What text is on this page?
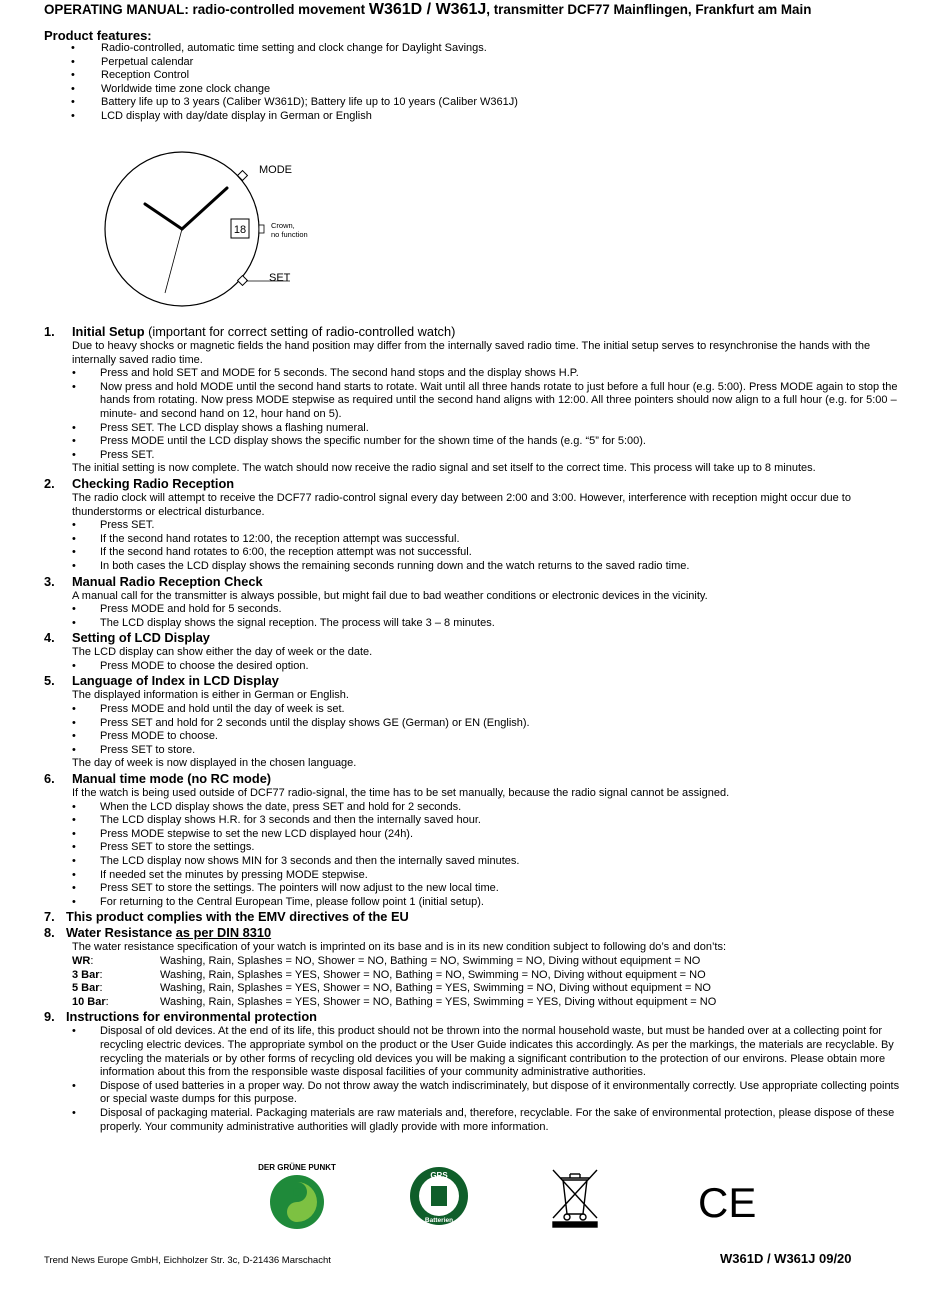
OPERATING MANUAL: radio-controlled movement W361D / W361J, transmitter DCF77 Mainflingen, Frankfurt am Main
Product features:
• Radio-controlled, automatic time setting and clock change for Daylight Savings.
• Perpetual calendar
• Reception Control
• Worldwide time zone clock change
• Battery life up to 3 years (Caliber W361D); Battery life up to 10 years (Caliber W361J)
• LCD display with day/date display in German or English
18
MODE
SET
Crown,
no function
1. Initial Setup (important for correct setting of radio-controlled watch)

Due to heavy shocks or magnetic fields the hand position may differ from the internally saved radio time. The initial setup serves to resynchronise the hands with the internally saved radio time.

• Press and hold SET and MODE for 5 seconds. The second hand stops and the display shows H.P.
• Now press and hold MODE until the second hand starts to rotate. Wait until all three hands rotate to just before a full hour (e.g. 5:00). Press MODE again to stop the hands from rotating. Now press MODE stepwise as required until the second hand aligns with 12:00. All three pointers should now align to a full hour (e.g. for 5:00 – minute- and second hand on 12, hour hand on 5).
• Press SET. The LCD display shows a flashing numeral.
• Press MODE until the LCD display shows the specific number for the shown time of the hands (e.g. “5” for 5:00).
• Press SET.

The initial setting is now complete. The watch should now receive the radio signal and set itself to the correct time. This process will take up to 8 minutes.

2. Checking Radio Reception

The radio clock will attempt to receive the DCF77 radio-control signal every day between 2:00 and 3:00. However, interference with reception might occur due to thunderstorms or electrical disturbance.

• Press SET.
• If the second hand rotates to 12:00, the reception attempt was successful.
• If the second hand rotates to 6:00, the reception attempt was not successful.
• In both cases the LCD display shows the remaining seconds running down and the watch returns to the saved radio time.
3. Manual Radio Reception Check

A manual call for the transmitter is always possible, but might fail due to bad weather conditions or electronic devices in the vicinity.

• Press MODE and hold for 5 seconds.
• The LCD display shows the signal reception. The process will take 3 – 8 minutes.
4. Setting of LCD Display

The LCD display can show either the day of week or the date.

• Press MODE to choose the desired option.
5. Language of Index in LCD Display

The displayed information is either in German or English.

• Press MODE and hold until the day of week is set.
• Press SET and hold for 2 seconds until the display shows GE (German) or EN (English).
• Press MODE to choose.
• Press SET to store.

The day of week is now displayed in the chosen language.

6. Manual time mode (no RC mode)

If the watch is being used outside of DCF77 radio-signal, the time has to be set manually, because the radio signal cannot be assigned.

• When the LCD display shows the date, press SET and hold for 2 seconds.
• The LCD display shows H.R. for 3 seconds and then the internally saved hour.
• Press MODE stepwise to set the new LCD displayed hour (24h).
• Press SET to store the settings.
• The LCD display now shows MIN for 3 seconds and then the internally saved minutes.
• If needed set the minutes by pressing MODE stepwise.
• Press SET to store the settings. The pointers will now adjust to the new local time.
• For returning to the Central European Time, please follow point 1 (initial setup).
7. This product complies with the EMV directives of the EU
8. Water Resistance as per DIN 8310

The water resistance specification of your watch is imprinted on its base and is in its new condition subject to following do’s and don’ts:

WR:	Washing, Rain, Splashes = NO, Shower = NO, Bathing = NO, Swimming = NO, Diving without equipment = NO
3 Bar:	Washing, Rain, Splashes = YES, Shower = NO, Bathing = NO, Swimming = NO, Diving without equipment = NO
5 Bar:	Washing, Rain, Splashes = YES, Shower = NO, Bathing = YES, Swimming = NO, Diving without equipment = NO
10 Bar:	Washing, Rain, Splashes = YES, Shower = NO, Bathing = YES, Swimming = YES, Diving without equipment = NO
9. Instructions for environmental protection
• Disposal of old devices. At the end of its life, this product should not be thrown into the normal household waste, but must be handed over at a collecting point for recycling electric devices. The appropriate symbol on the product or the User Guide indicates this accordingly. As per the markings, the materials are recyclable. By recycling the materials or by other forms of recycling old devices you will be making a significant contribution to the protection of our environs. Please obtain more information about this from the responsible waste disposal facilities of your community administrative authorities.
• Dispose of used batteries in a proper way. Do not throw away the watch indiscriminately, but dispose of it environmentally correctly. Use appropriate collecting points or special waste dumps for this purpose.
• Disposal of packaging material. Packaging materials are raw materials and, therefore, recyclable. For the sake of environmental protection, please dispose of these properly. Your community administrative authorities will gladly provide with more information.
DER GRÜNE PUNKT
GRS
Batterien	CE
Trend News Europe GmbH, Eichholzer Str. 3c, D-21436 Marschacht	W361D / W361J 09/20
